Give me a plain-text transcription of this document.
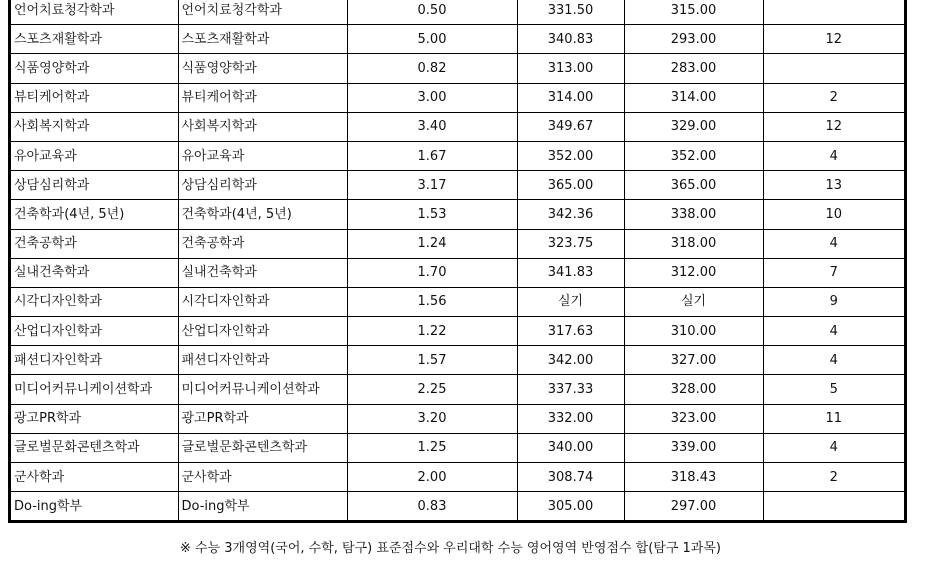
언어치료청각학과	언어치료청각학과	0.50	331.50	315.00	
스포츠재활학과	스포츠재활학과	5.00	340.83	293.00	12
식품영양학과	식품영양학과	0.82	313.00	283.00	
뷰티케어학과	뷰티케어학과	3.00	314.00	314.00	2
사회복지학과	사회복지학과	3.40	349.67	329.00	12
유아교육과	유아교육과	1.67	352.00	352.00	4
상담심리학과	상담심리학과	3.17	365.00	365.00	13
건축학과(4년, 5년)	건축학과(4년, 5년)	1.53	342.36	338.00	10
건축공학과	건축공학과	1.24	323.75	318.00	4
실내건축학과	실내건축학과	1.70	341.83	312.00	7
시각디자인학과	시각디자인학과	1.56	실기	실기	9
산업디자인학과	산업디자인학과	1.22	317.63	310.00	4
패션디자인학과	패션디자인학과	1.57	342.00	327.00	4
미디어커뮤니케이션학과	미디어커뮤니케이션학과	2.25	337.33	328.00	5
광고PR학과	광고PR학과	3.20	332.00	323.00	11
글로벌문화콘텐츠학과	글로벌문화콘텐츠학과	1.25	340.00	339.00	4
군사학과	군사학과	2.00	308.74	318.43	2
Do-ing학부	Do-ing학부	0.83	305.00	297.00	
※ 수능 3개영역(국어, 수학, 탐구) 표준점수와 우리대학 수능 영어영역 반영점수 합(탐구 1과목)
